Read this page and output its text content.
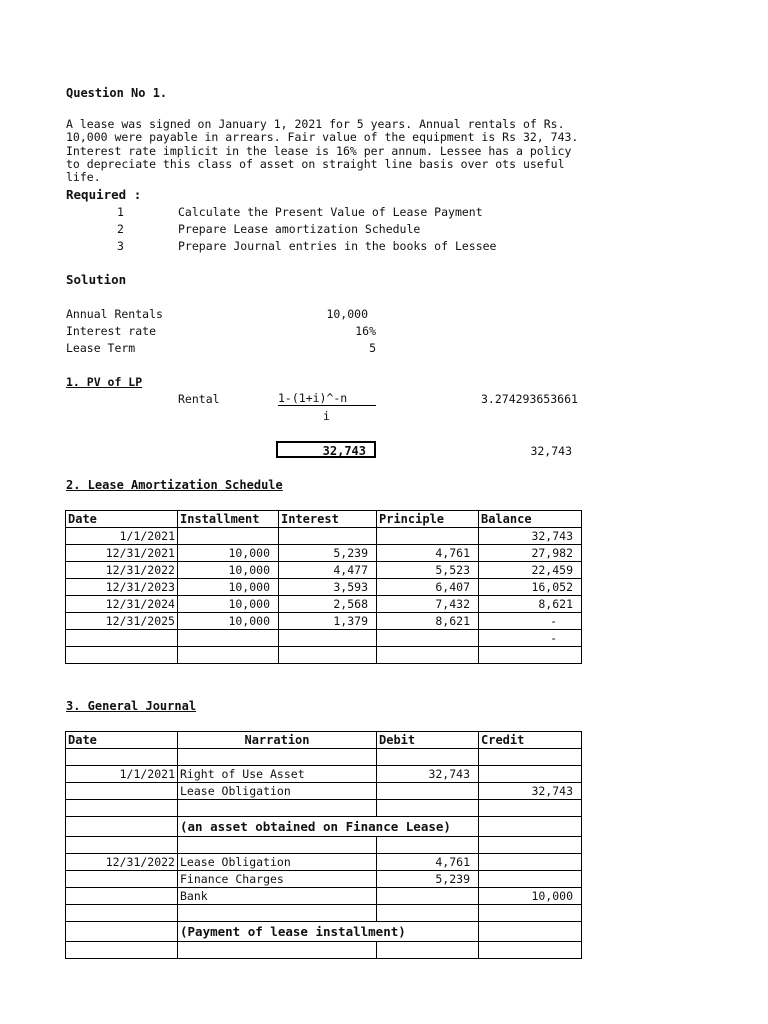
Question No 1.
A lease was signed on January 1, 2021 for 5 years. Annual rentals of Rs. 10,000 were payable in arrears. Fair value of the equipment is Rs 32, 743. Interest rate implicit in the lease is 16% per annum. Lessee has a policy to depreciate this class of asset on straight line basis over ots useful life.
Required :
1	Calculate the Present Value of Lease Payment
2	Prepare Lease amortization Schedule
3	Prepare Journal entries in the books of Lessee
Solution
Annual Rentals	10,000
Interest rate	16%
Lease Term	5
1. PV of LP
Rental	1-(1+i)^-n
i
3.274293653661
32,743	32,743
2. Lease Amortization Schedule
Date	Installment	Interest	Principle	Balance
1/1/2021				32,743
12/31/2021	10,000	5,239	4,761	27,982
12/31/2022	10,000	4,477	5,523	22,459
12/31/2023	10,000	3,593	6,407	16,052
12/31/2024	10,000	2,568	7,432	8,621
12/31/2025	10,000	1,379	8,621	-
				-

3. General Journal
Date	Narration	Debit	Credit

1/1/2021	Right of Use Asset	32,743	
	Lease Obligation		32,743

	(an asset obtained on Finance Lease)		

12/31/2022	Lease Obligation	4,761	
	Finance Charges	5,239	
	Bank		10,000

	(Payment of lease installment)		
